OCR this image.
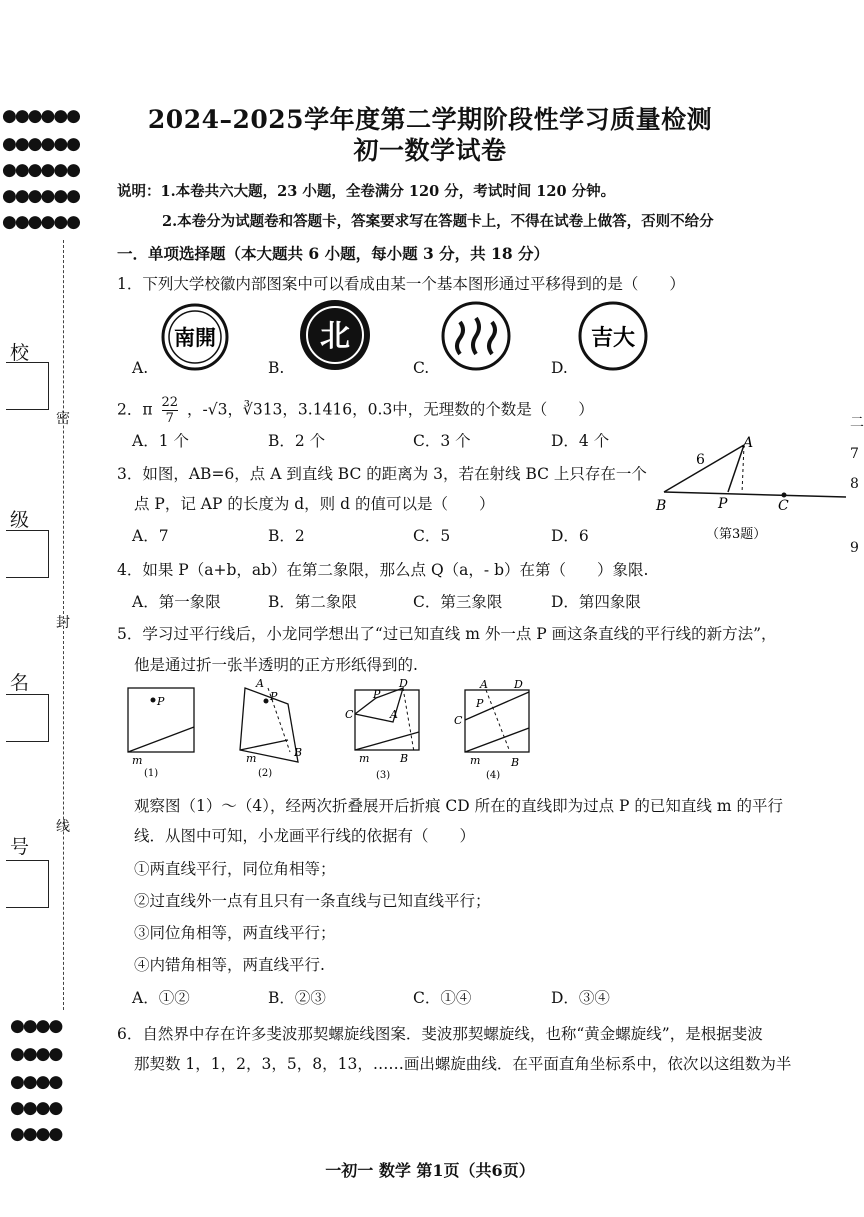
2024–2025学年度第二学期阶段性学习质量检测
初一数学试卷
说明：1.本卷共六大题，23 小题，全卷满分 120 分，考试时间 120 分钟。
2.本卷分为试题卷和答题卡，答案要求写在答题卡上，不得在试卷上做答，否则不给分
一．单项选择题（本大题共 6 小题，每小题 3 分，共 18 分）
1．下列大学校徽内部图案中可以看成由某一个基本图形通过平移得到的是（　　）
南開	北
川
吉大
A.	B.	C.	D.
2．π $\frac{22}{7}$ ，-√3，∛313，3.1416，0.3中，无理数的个数是（　　）
A．1 个	B．2 个	C．3 个	D．4 个
3．如图，AB=6，点 A 到直线 BC 的距离为 3，若在射线 BC 上只存在一个
点 P，记 AP 的长度为 d，则 d 的值可以是（　　）
A．7	B．2	C．5	D．6
A
B	P	C
6
（第3题）
4．如果 P（a+b，ab）在第二象限，那么点 Q（a，- b）在第（　　）象限.
A．第一象限	B．第二象限	C．第三象限	D．第四象限
5．学习过平行线后，小龙同学想出了“过已知直线 m 外一点 P 画这条直线的平行线的新方法”，
他是通过折一张半透明的正方形纸得到的.
P
m
(1)
A
P
m	B
(2)
P
D
C	A
m	B
(3)
A D
P
C
m	B
(4)
观察图（1）～（4），经两次折叠展开后折痕 CD 所在的直线即为过点 P 的已知直线 m 的平行
线．从图中可知，小龙画平行线的依据有（　　）
①两直线平行，同位角相等；
②过直线外一点有且只有一条直线与已知直线平行；
③同位角相等，两直线平行；
④内错角相等，两直线平行.
A．①②	B．②③	C．①④	D．③④
6．自然界中存在许多斐波那契螺旋线图案．斐波那契螺旋线，也称“黄金螺旋线”，是根据斐波
那契数 1，1，2，3，5，8，13，……画出螺旋曲线．在平面直角坐标系中，依次以这组数为半
一初一 数学 第1页（共6页）
●●●●●●
●●●●●●
●●●●●●
●●●●●●
●●●●●●
校
级
名
号
密
封
线
●●●●
●●●●
●●●●
●●●●
●●●●
二
7
8
9
